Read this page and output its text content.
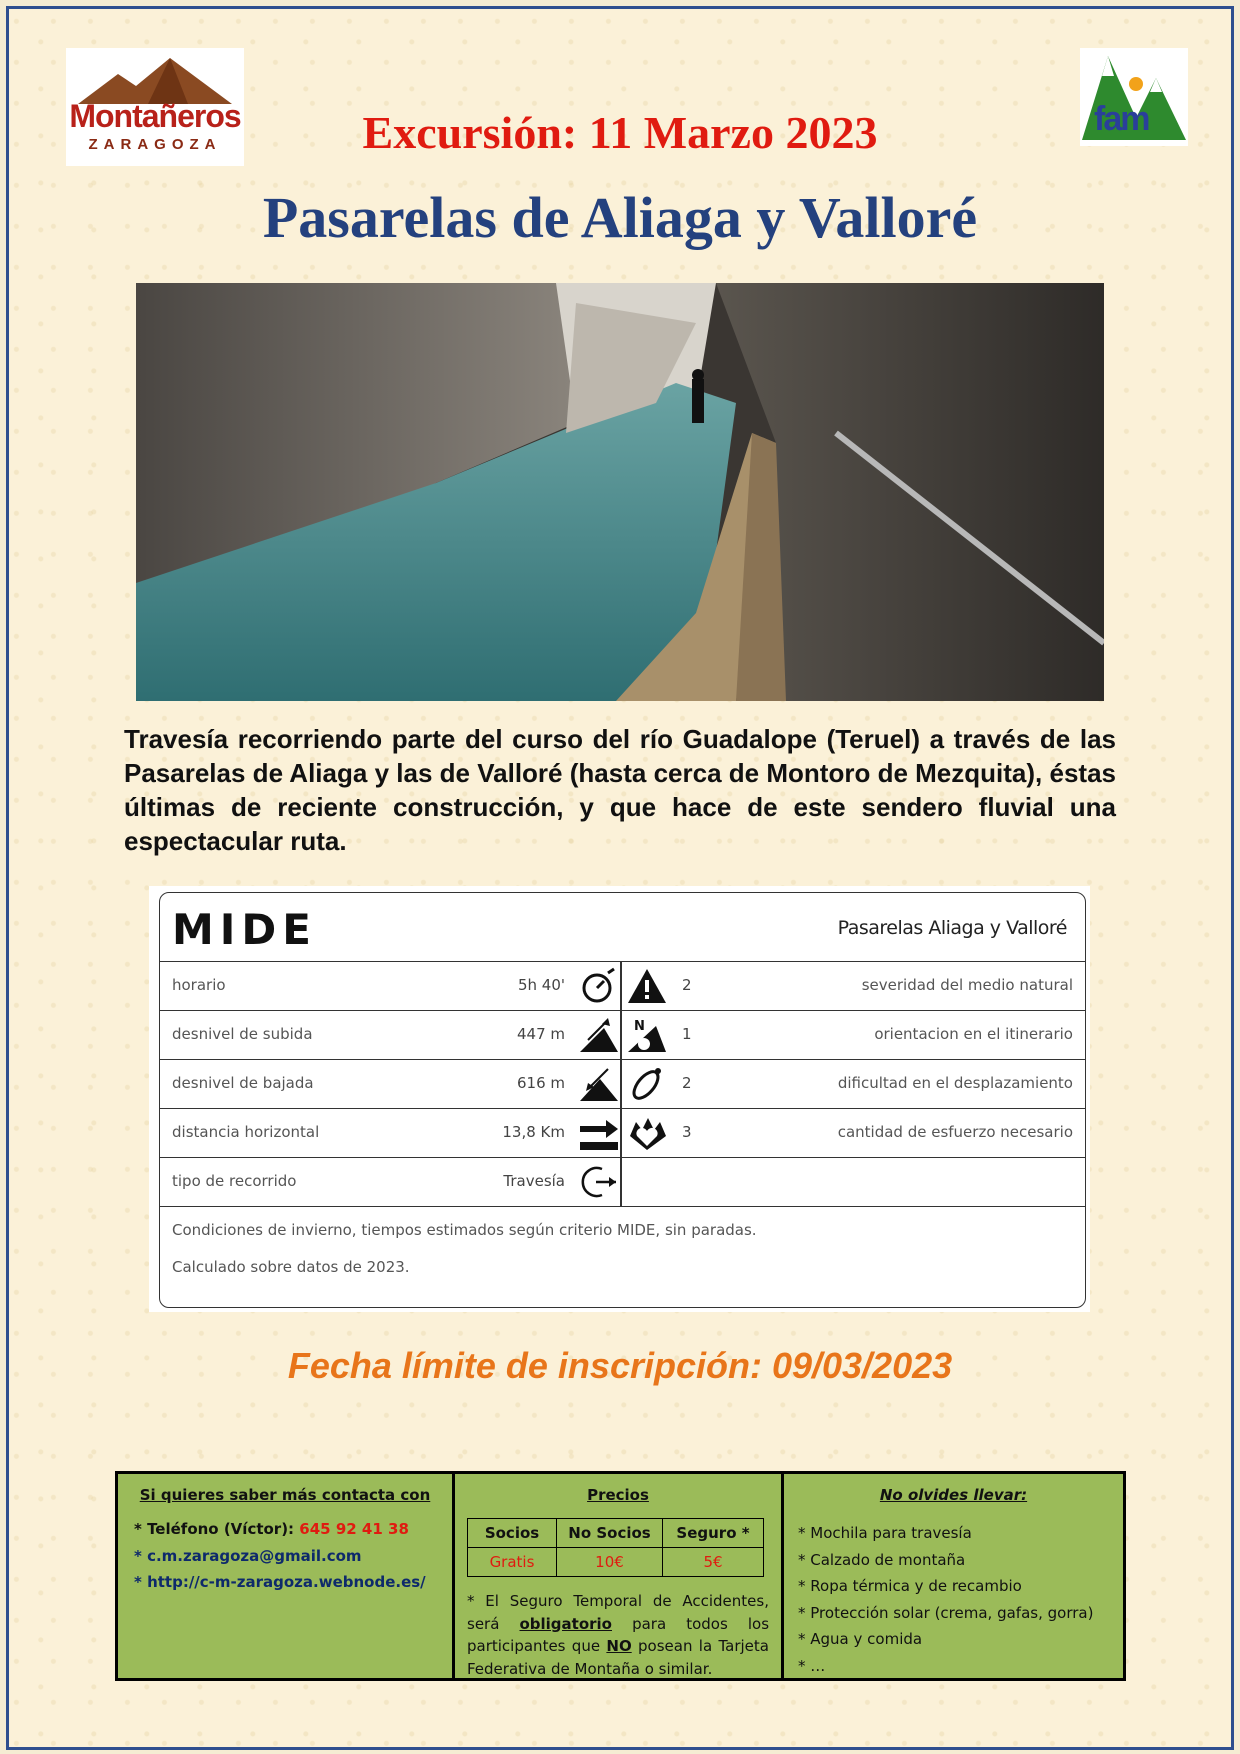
Montañeros
ZARAGOZA
fam
Excursión: 11 Marzo 2023
Pasarelas de Aliaga y Valloré
Travesía recorriendo parte del curso del río Guadalope (Teruel) a través de las Pasarelas de Aliaga y las de Valloré (hasta cerca de Montoro de Mezquita), éstas últimas de reciente construcción, y que hace de este sendero fluvial una espectacular ruta.
MIDE	Pasarelas Aliaga y Valloré
horario	5h 40'	2	severidad del medio natural
desnivel de subida	447 m	N 1	orientacion en el itinerario
desnivel de bajada	616 m	2	dificultad en el desplazamiento
distancia horizontal	13,8 Km	3	cantidad de esfuerzo necesario
tipo de recorrido	Travesía
Condiciones de invierno, tiempos estimados según criterio MIDE, sin paradas.
Calculado sobre datos de 2023.
Fecha límite de inscripción: 09/03/2023
Si quieres saber más contacta con
* Teléfono (Víctor): 645 92 41 38
* c.m.zaragoza@gmail.com
* http://c-m-zaragoza.webnode.es/
Precios
Socios	No Socios	Seguro *
Gratis	10€	5€
* El Seguro Temporal de Accidentes, será obligatorio para todos los participantes que NO posean la Tarjeta Federativa de Montaña o similar.
No olvides llevar:
* Mochila para travesía
* Calzado de montaña
* Ropa térmica y de recambio
* Protección solar (crema, gafas, gorra)
* Agua y comida
* …
